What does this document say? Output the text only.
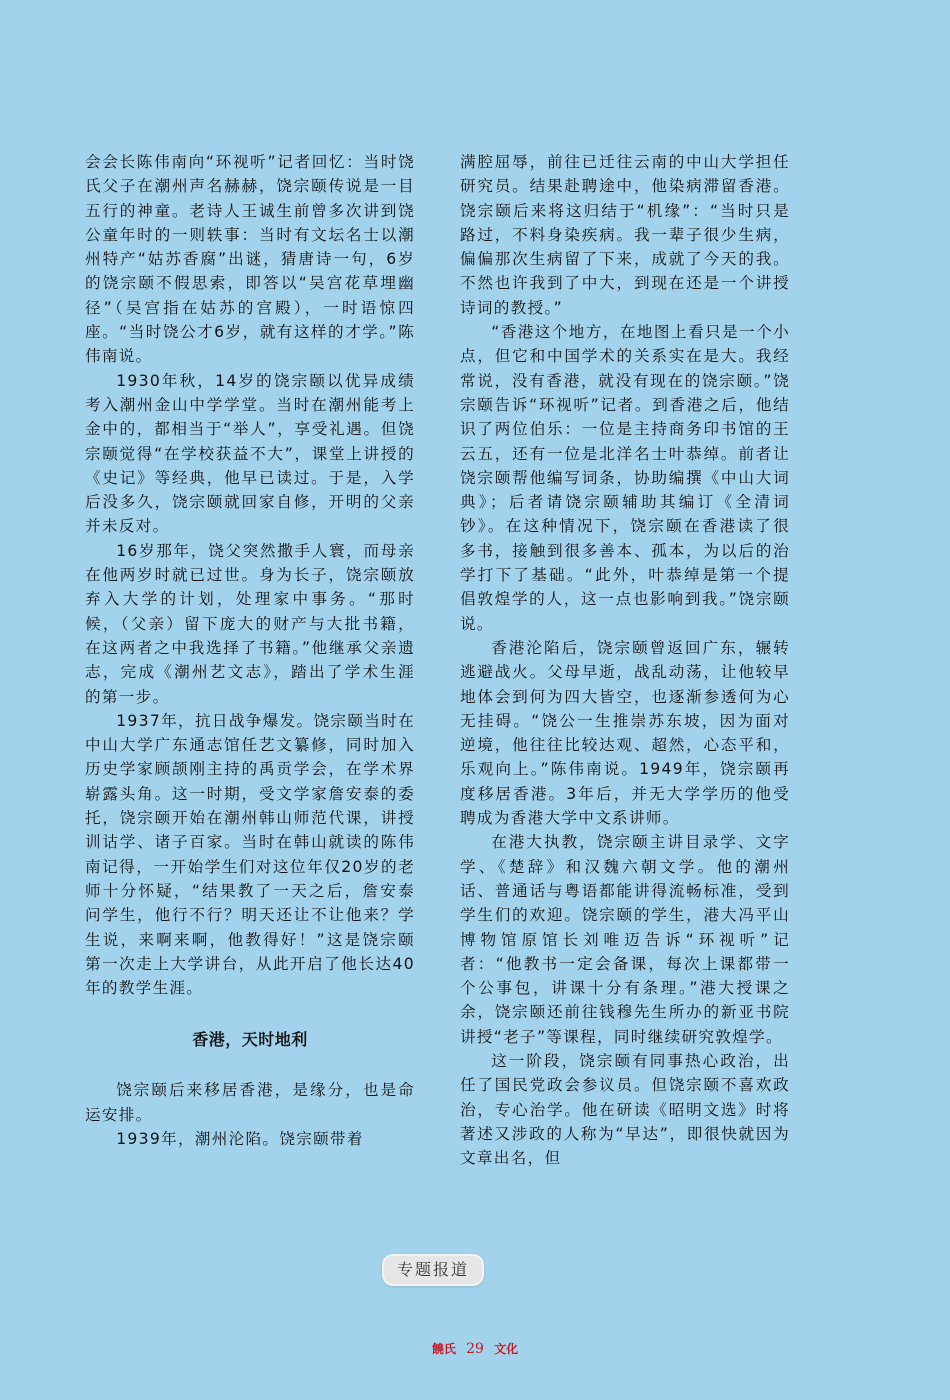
会会长陈伟南向“环视听”记者回忆：当时饶氏父子在潮州声名赫赫，饶宗颐传说是一目五行的神童。老诗人王诚生前曾多次讲到饶公童年时的一则轶事：当时有文坛名士以潮州特产“姑苏香腐”出谜，猜唐诗一句，6岁的饶宗颐不假思索，即答以“吴宫花草埋幽径”（吴宫指在姑苏的宫殿），一时语惊四座。“当时饶公才6岁，就有这样的才学。”陈伟南说。

1930年秋，14岁的饶宗颐以优异成绩考入潮州金山中学学堂。当时在潮州能考上金中的，都相当于“举人”，享受礼遇。但饶宗颐觉得“在学校获益不大”，课堂上讲授的《史记》等经典，他早已读过。于是，入学后没多久，饶宗颐就回家自修，开明的父亲并未反对。

16岁那年，饶父突然撒手人寰，而母亲在他两岁时就已过世。身为长子，饶宗颐放弃入大学的计划，处理家中事务。“那时候，（父亲）留下庞大的财产与大批书籍，在这两者之中我选择了书籍。”他继承父亲遗志，完成《潮州艺文志》，踏出了学术生涯的第一步。

1937年，抗日战争爆发。饶宗颐当时在中山大学广东通志馆任艺文纂修，同时加入历史学家顾颉刚主持的禹贡学会，在学术界崭露头角。这一时期，受文学家詹安泰的委托，饶宗颐开始在潮州韩山师范代课，讲授训诂学、诸子百家。当时在韩山就读的陈伟南记得，一开始学生们对这位年仅20岁的老师十分怀疑，“结果教了一天之后，詹安泰问学生，他行不行？明天还让不让他来？学生说，来啊来啊，他教得好！”这是饶宗颐第一次走上大学讲台，从此开启了他长达40年的教学生涯。

香港，天时地利

饶宗颐后来移居香港，是缘分，也是命运安排。

1939年，潮州沦陷。饶宗颐带着

满腔屈辱，前往已迁往云南的中山大学担任研究员。结果赴聘途中，他染病滞留香港。饶宗颐后来将这归结于“机缘”：“当时只是路过，不料身染疾病。我一辈子很少生病，偏偏那次生病留了下来，成就了今天的我。不然也许我到了中大，到现在还是一个讲授诗词的教授。”

“香港这个地方，在地图上看只是一个小点，但它和中国学术的关系实在是大。我经常说，没有香港，就没有现在的饶宗颐。”饶宗颐告诉“环视听”记者。到香港之后，他结识了两位伯乐：一位是主持商务印书馆的王云五，还有一位是北洋名士叶恭绰。前者让饶宗颐帮他编写词条，协助编撰《中山大词典》；后者请饶宗颐辅助其编订《全清词钞》。在这种情况下，饶宗颐在香港读了很多书，接触到很多善本、孤本，为以后的治学打下了基础。“此外，叶恭绰是第一个提倡敦煌学的人，这一点也影响到我。”饶宗颐说。

香港沦陷后，饶宗颐曾返回广东，辗转逃避战火。父母早逝，战乱动荡，让他较早地体会到何为四大皆空，也逐渐参透何为心无挂碍。“饶公一生推崇苏东坡，因为面对逆境，他往往比较达观、超然，心态平和，乐观向上。”陈伟南说。1949年，饶宗颐再度移居香港。3年后，并无大学学历的他受聘成为香港大学中文系讲师。

在港大执教，饶宗颐主讲目录学、文字学、《楚辞》和汉魏六朝文学。他的潮州话、普通话与粤语都能讲得流畅标准，受到学生们的欢迎。饶宗颐的学生，港大冯平山博物馆原馆长刘唯迈告诉“环视听”记者：“他教书一定会备课，每次上课都带一个公事包，讲课十分有条理。”港大授课之余，饶宗颐还前往钱穆先生所办的新亚书院讲授“老子”等课程，同时继续研究敦煌学。

这一阶段，饶宗颐有同事热心政治，出任了国民党政会参议员。但饶宗颐不喜欢政治，专心治学。他在研读《昭明文选》时将著述又涉政的人称为“早达”，即很快就因为文章出名，但

专题报道
饒氏 29 文化
